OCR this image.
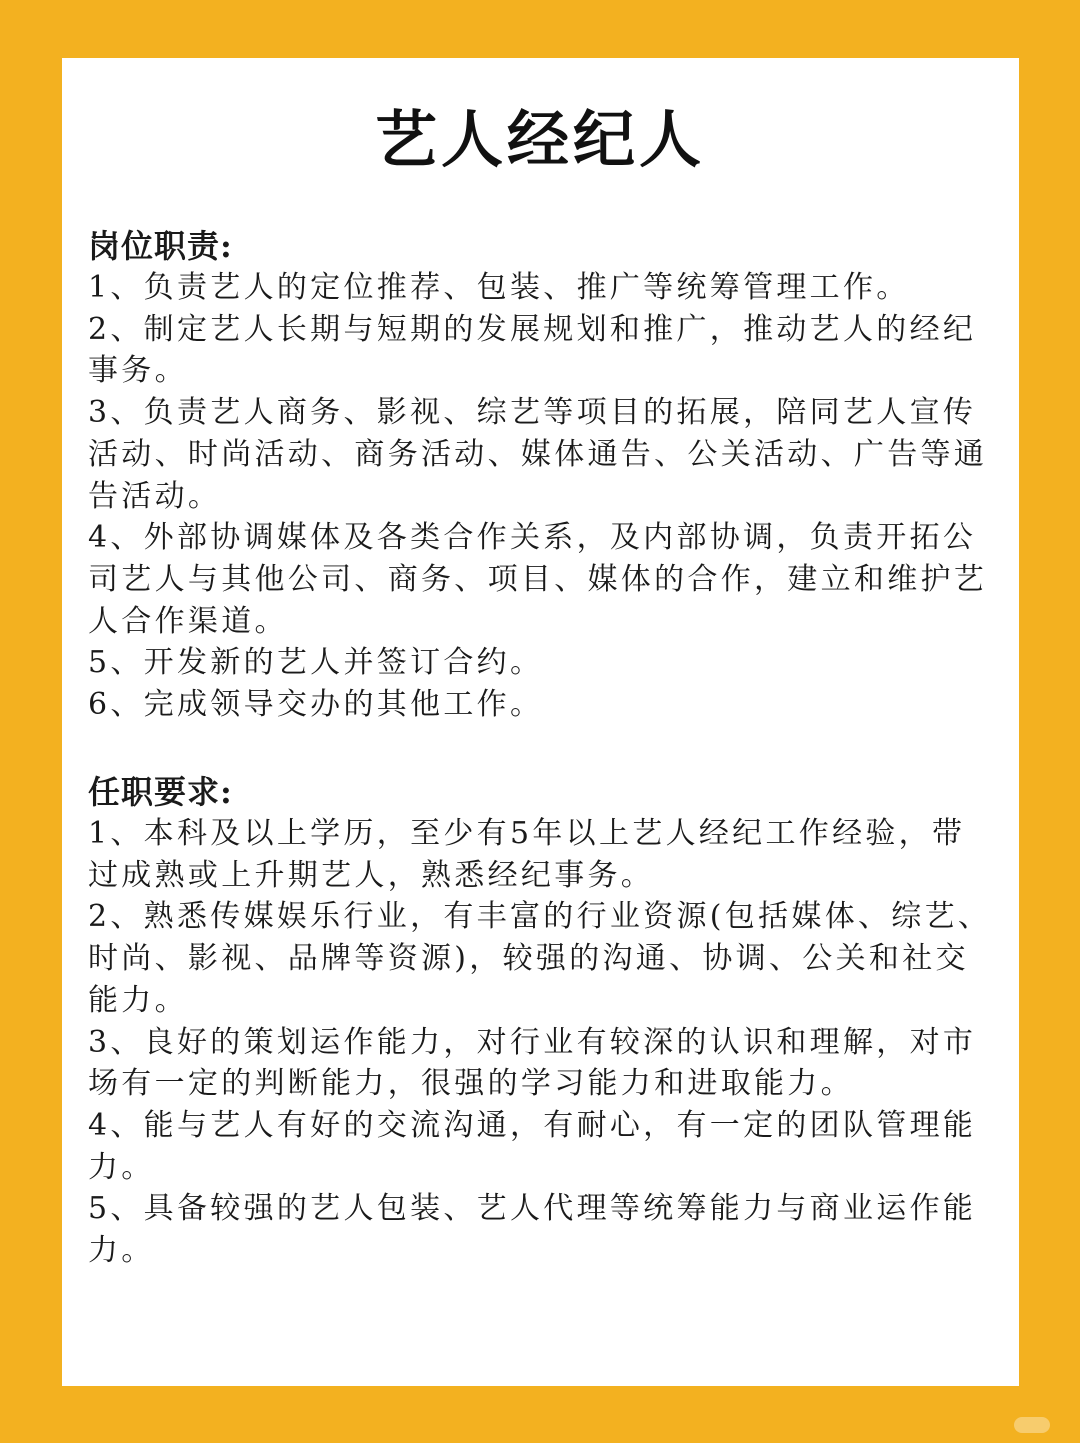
艺人经纪人

岗位职责:

1、负责艺人的定位推荐、包装、推广等统筹管理工作。

2、制定艺人长期与短期的发展规划和推广，推动艺人的经纪事务。

3、负责艺人商务、影视、综艺等项目的拓展，陪同艺人宣传活动、时尚活动、商务活动、媒体通告、公关活动、广告等通告活动。

4、外部协调媒体及各类合作关系，及内部协调，负责开拓公司艺人与其他公司、商务、项目、媒体的合作，建立和维护艺人合作渠道。

5、开发新的艺人并签订合约。

6、完成领导交办的其他工作。

任职要求:

1、本科及以上学历，至少有5年以上艺人经纪工作经验，带过成熟或上升期艺人，熟悉经纪事务。

2、熟悉传媒娱乐行业，有丰富的行业资源(包括媒体、综艺、时尚、影视、品牌等资源)，较强的沟通、协调、公关和社交能力。

3、良好的策划运作能力，对行业有较深的认识和理解，对市场有一定的判断能力，很强的学习能力和进取能力。

4、能与艺人有好的交流沟通，有耐心，有一定的团队管理能力。

5、具备较强的艺人包装、艺人代理等统筹能力与商业运作能力。
